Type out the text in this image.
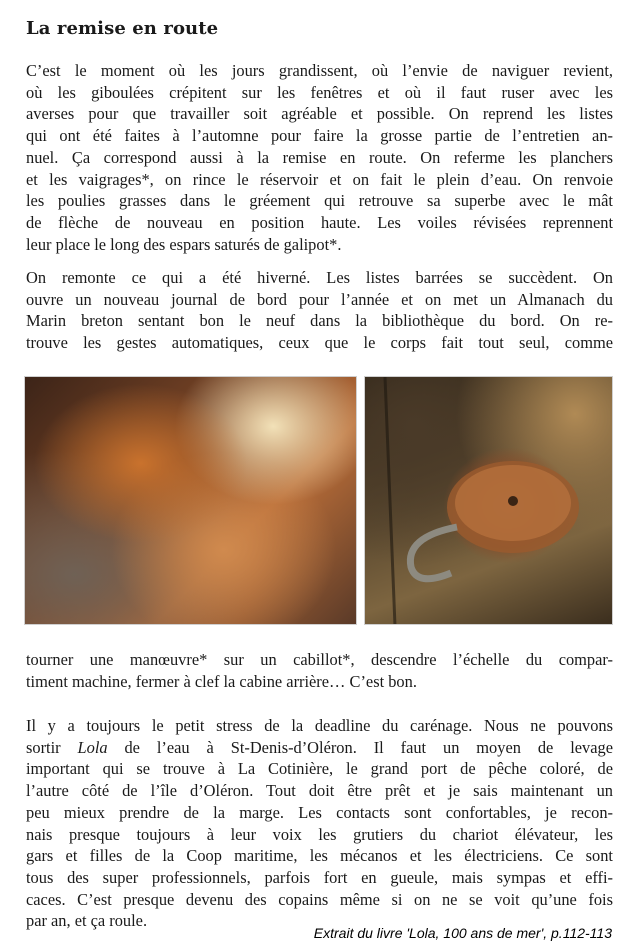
La remise en route
C’est le moment où les jours grandissent, où l’envie de naviguer revient,
où les giboulées crépitent sur les fenêtres et où il faut ruser avec les
averses pour que travailler soit agréable et possible. On reprend les listes
qui ont été faites à l’automne pour faire la grosse partie de l’entretien an-
nuel. Ça correspond aussi à la remise en route. On referme les planchers
et les vaigrages*, on rince le réservoir et on fait le plein d’eau. On renvoie
les poulies grasses dans le gréement qui retrouve sa superbe avec le mât
de flèche de nouveau en position haute. Les voiles révisées reprennent
leur place le long des espars saturés de galipot*.
On remonte ce qui a été hiverné. Les listes barrées se succèdent. On
ouvre un nouveau journal de bord pour l’année et on met un Almanach du
Marin breton sentant bon le neuf dans la bibliothèque du bord. On re-
trouve les gestes automatiques, ceux que le corps fait tout seul, comme
tourner une manœuvre* sur un cabillot*, descendre l’échelle du compar-
timent machine, fermer à clef la cabine arrière… C’est bon.
Il y a toujours le petit stress de la deadline du carénage. Nous ne pouvons
sortir Lola de l’eau à St-Denis-d’Oléron. Il faut un moyen de levage
important qui se trouve à La Cotinière, le grand port de pêche coloré, de
l’autre côté de l’île d’Oléron. Tout doit être prêt et je sais maintenant un
peu mieux prendre de la marge. Les contacts sont confortables, je recon-
nais presque toujours à leur voix les grutiers du chariot élévateur, les
gars et filles de la Coop maritime, les mécanos et les électriciens. Ce sont
tous des super professionnels, parfois fort en gueule, mais sympas et effi-
caces. C’est presque devenu des copains même si on ne se voit qu’une fois
par an, et ça roule.
Extrait du livre 'Lola, 100 ans de mer', p.112-113
